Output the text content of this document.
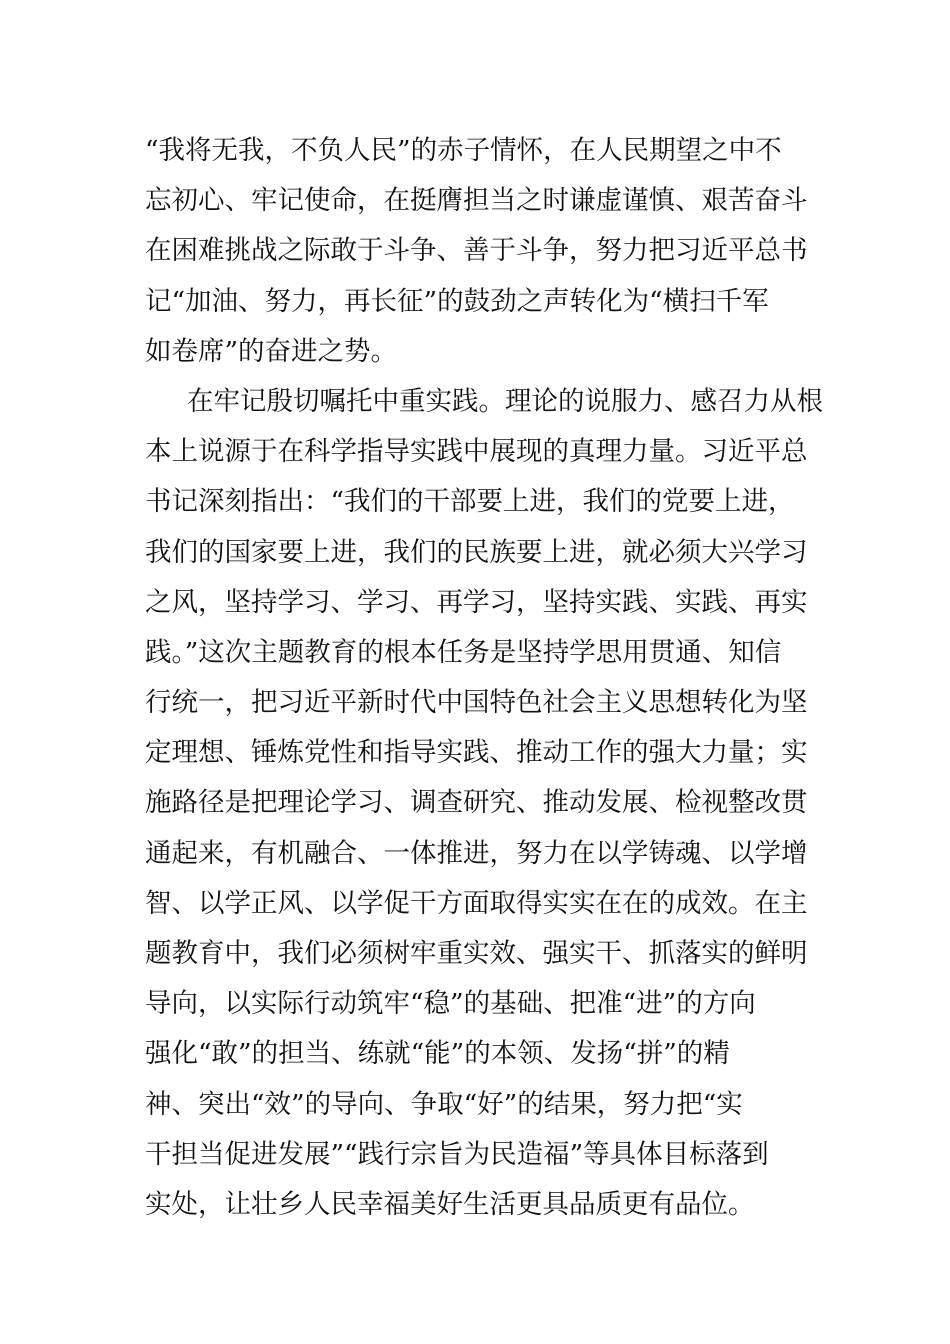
“我将无我，不负人民”的赤子情怀，在人民期望之中不
忘初心、牢记使命，在挺膺担当之时谦虚谨慎、艰苦奋斗
在困难挑战之际敢于斗争、善于斗争，努力把习近平总书
记“加油、努力，再长征”的鼓劲之声转化为“横扫千军
如卷席”的奋进之势。
在牢记殷切嘱托中重实践。理论的说服力、感召力从根
本上说源于在科学指导实践中展现的真理力量。习近平总
书记深刻指出：“我们的干部要上进，我们的党要上进，
我们的国家要上进，我们的民族要上进，就必须大兴学习
之风，坚持学习、学习、再学习，坚持实践、实践、再实
践。”这次主题教育的根本任务是坚持学思用贯通、知信
行统一，把习近平新时代中国特色社会主义思想转化为坚
定理想、锤炼党性和指导实践、推动工作的强大力量；实
施路径是把理论学习、调查研究、推动发展、检视整改贯
通起来，有机融合、一体推进，努力在以学铸魂、以学增
智、以学正风、以学促干方面取得实实在在的成效。在主
题教育中，我们必须树牢重实效、强实干、抓落实的鲜明
导向，以实际行动筑牢“稳”的基础、把准“进”的方向
强化“敢”的担当、练就“能”的本领、发扬“拼”的精
神、突出“效”的导向、争取“好”的结果，努力把“实
干担当促进发展”“践行宗旨为民造福”等具体目标落到
实处，让壮乡人民幸福美好生活更具品质更有品位。
